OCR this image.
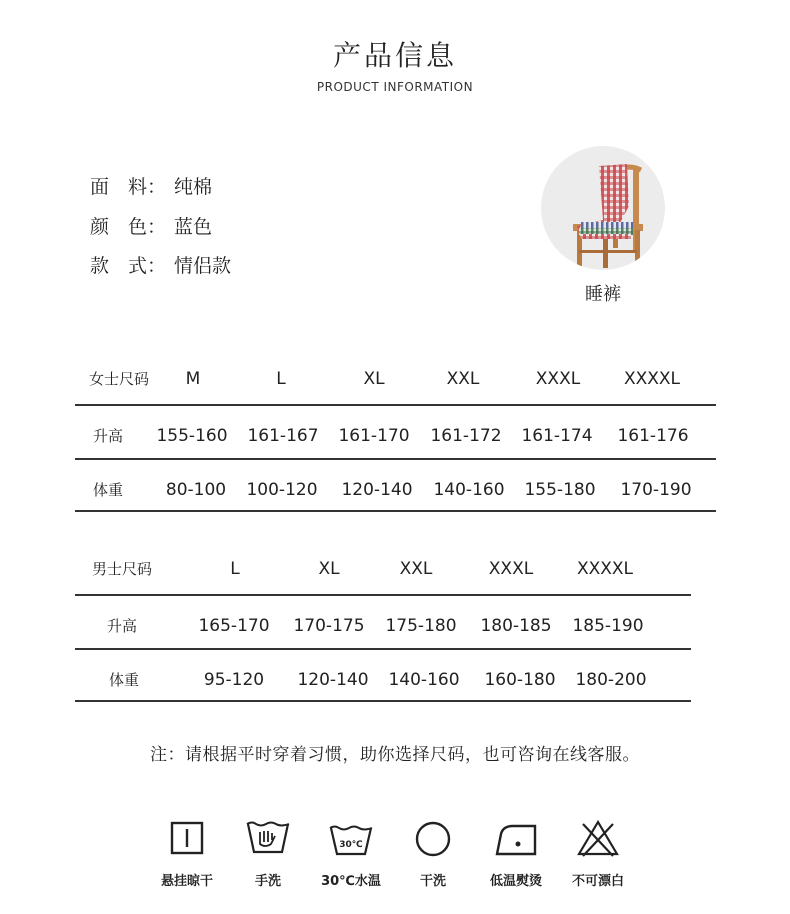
产品信息
PRODUCT INFORMATION
面　料： 纯棉
颜　色： 蓝色
款　式： 情侣款
睡裤
女士尺码	M	L	XL	XXL	XXXL	XXXXL
升高	155-160	161-167	161-170	161-172	161-174	161-176
体重	80-100	100-120	120-140	140-160	155-180	170-190
男士尺码	L	XL	XXL	XXXL	XXXXL
升高	165-170	170-175	175-180	180-185	185-190
体重	95-120	120-140	140-160	160-180	180-200
注：请根据平时穿着习惯，助你选择尺码，也可咨询在线客服。
悬挂晾干	手洗
30℃
30℃水温	干洗	低温熨烫	不可漂白
